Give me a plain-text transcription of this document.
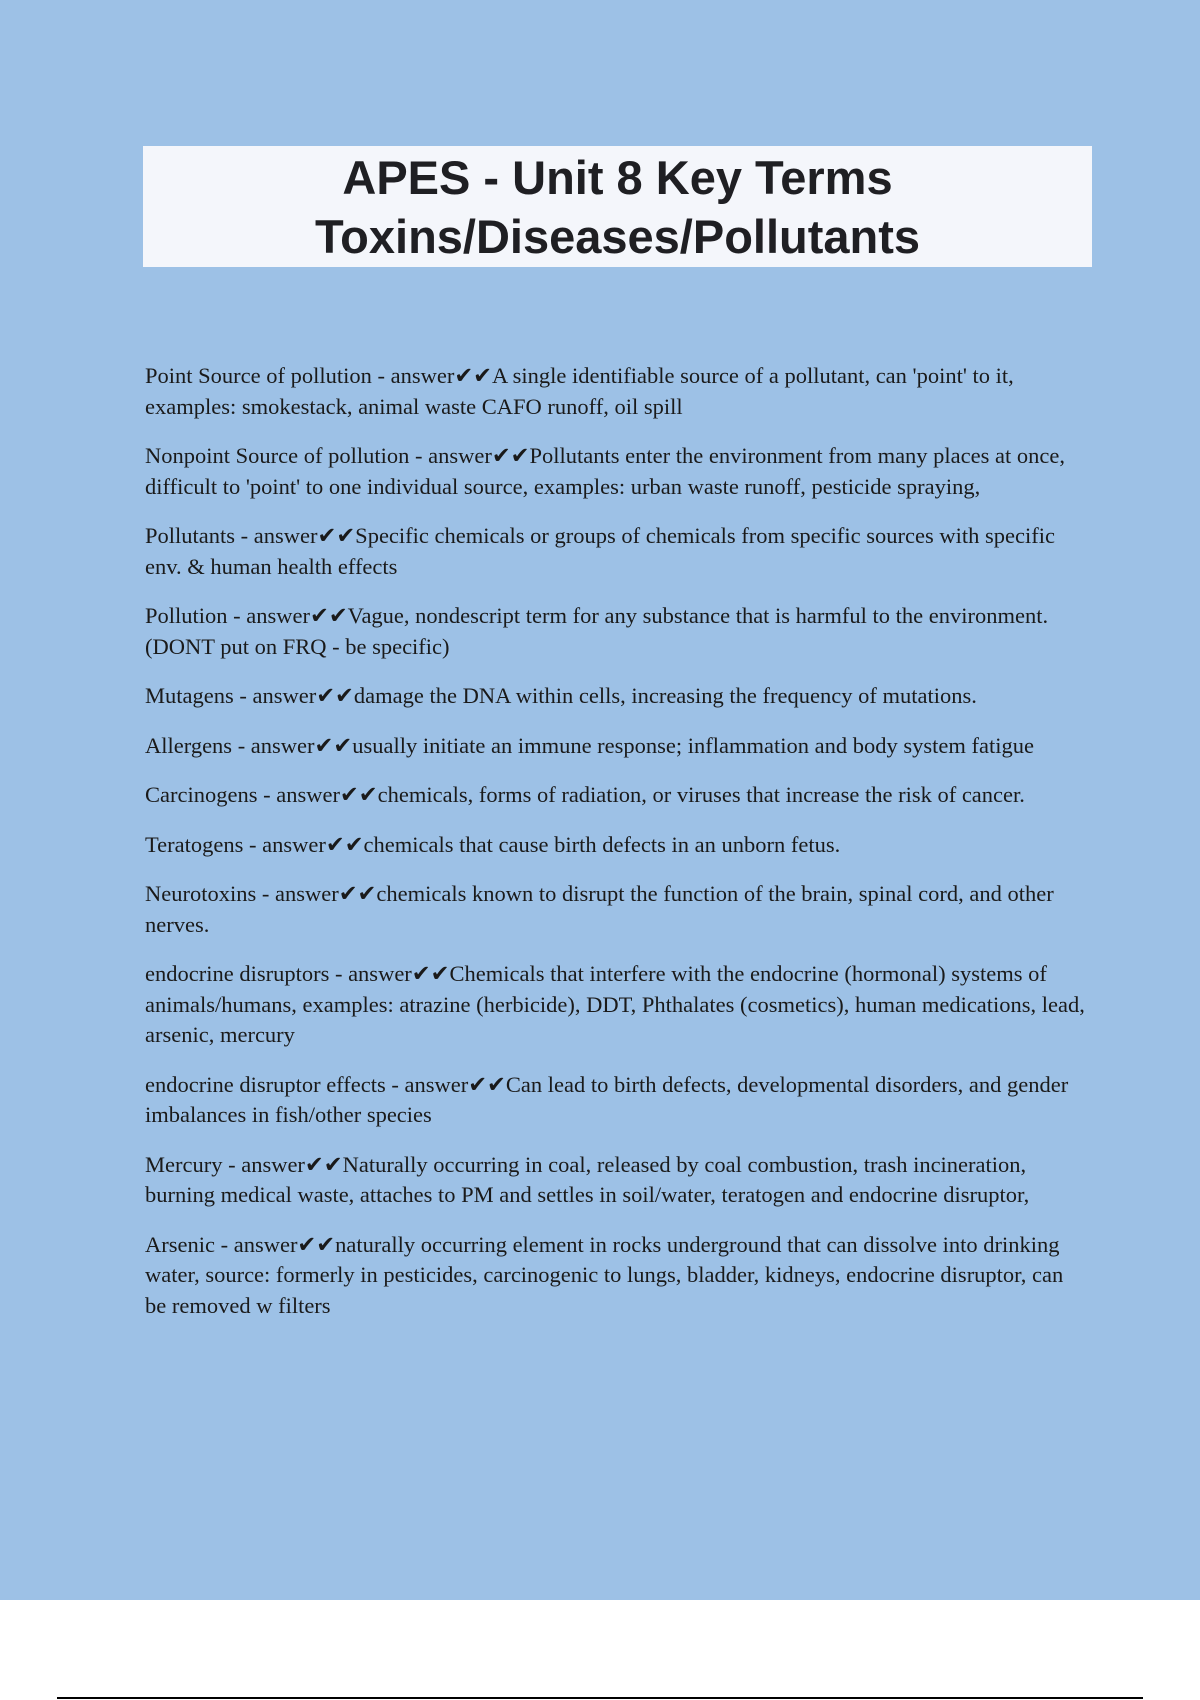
APES - Unit 8 Key Terms
Toxins/Diseases/Pollutants

Point Source of pollution - answer✔✔A single identifiable source of a pollutant, can 'point' to it, examples: smokestack, animal waste CAFO runoff, oil spill

Nonpoint Source of pollution - answer✔✔Pollutants enter the environment from many places at once, difficult to 'point' to one individual source, examples: urban waste runoff, pesticide spraying,

Pollutants - answer✔✔Specific chemicals or groups of chemicals from specific sources with specific env. & human health effects

Pollution - answer✔✔Vague, nondescript term for any substance that is harmful to the environment. (DONT put on FRQ - be specific)

Mutagens - answer✔✔damage the DNA within cells, increasing the frequency of mutations.

Allergens - answer✔✔usually initiate an immune response; inflammation and body system fatigue

Carcinogens - answer✔✔chemicals, forms of radiation, or viruses that increase the risk of cancer.

Teratogens - answer✔✔chemicals that cause birth defects in an unborn fetus.

Neurotoxins - answer✔✔chemicals known to disrupt the function of the brain, spinal cord, and other nerves.

endocrine disruptors - answer✔✔Chemicals that interfere with the endocrine (hormonal) systems of animals/humans, examples: atrazine (herbicide), DDT, Phthalates (cosmetics), human medications, lead, arsenic, mercury

endocrine disruptor effects - answer✔✔Can lead to birth defects, developmental disorders, and gender imbalances in fish/other species

Mercury - answer✔✔Naturally occurring in coal, released by coal combustion, trash incineration, burning medical waste, attaches to PM and settles in soil/water, teratogen and endocrine disruptor,

Arsenic - answer✔✔naturally occurring element in rocks underground that can dissolve into drinking water, source: formerly in pesticides, carcinogenic to lungs, bladder, kidneys, endocrine disruptor, can be removed w filters
